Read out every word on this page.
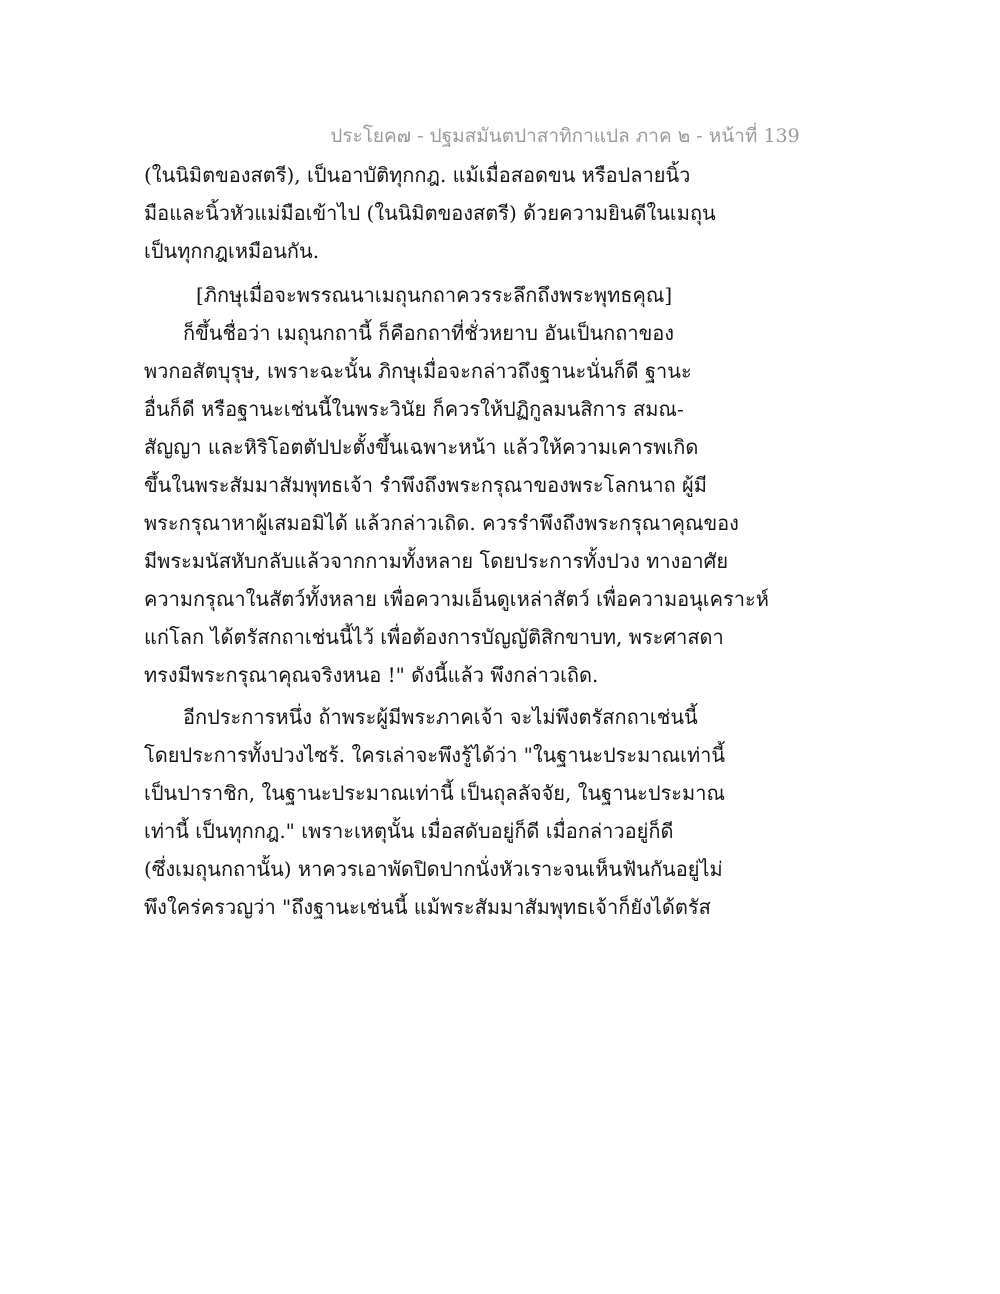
ประโยค๗ - ปฐมสมันตปาสาทิกาแปล ภาค ๒ - หน้าที่ 139
(ในนิมิตของสตรี), เป็นอาบัติทุกกฎ. แม้เมื่อสอดขน หรือปลายนิ้ว
มือและนิ้วหัวแม่มือเข้าไป (ในนิมิตของสตรี) ด้วยความยินดีในเมถุน
เป็นทุกกฎเหมือนกัน.
[ภิกษุเมื่อจะพรรณนาเมถุนกถาควรระลึกถึงพระพุทธคุณ]
ก็ขึ้นชื่อว่า เมถุนกถานี้ ก็คือกถาที่ชั่วหยาบ อันเป็นกถาของ
พวกอสัตบุรุษ, เพราะฉะนั้น ภิกษุเมื่อจะกล่าวถึงฐานะนั่นก็ดี ฐานะ
อื่นก็ดี หรือฐานะเช่นนี้ในพระวินัย ก็ควรให้ปฏิกูลมนสิการ สมณ-
สัญญา และหิริโอตตัปปะตั้งขึ้นเฉพาะหน้า แล้วให้ความเคารพเกิด
ขึ้นในพระสัมมาสัมพุทธเจ้า รำพึงถึงพระกรุณาของพระโลกนาถ ผู้มี
พระกรุณาหาผู้เสมอมิได้ แล้วกล่าวเถิด. ควรรำพึงถึงพระกรุณาคุณของ
มีพระมนัสหับกลับแล้วจากกามทั้งหลาย โดยประการทั้งปวง ทางอาศัย
ความกรุณาในสัตว์ทั้งหลาย เพื่อความเอ็นดูเหล่าสัตว์ เพื่อความอนุเคราะห์
แก่โลก ได้ตรัสกถาเช่นนี้ไว้ เพื่อต้องการบัญญัติสิกขาบท, พระศาสดา
ทรงมีพระกรุณาคุณจริงหนอ !" ดังนี้แล้ว พึงกล่าวเถิด.
อีกประการหนึ่ง ถ้าพระผู้มีพระภาคเจ้า จะไม่พึงตรัสกถาเช่นนี้
โดยประการทั้งปวงไซร้. ใครเล่าจะพึงรู้ได้ว่า "ในฐานะประมาณเท่านี้
เป็นปาราชิก, ในฐานะประมาณเท่านี้ เป็นถุลลัจจัย, ในฐานะประมาณ
เท่านี้ เป็นทุกกฎ." เพราะเหตุนั้น เมื่อสดับอยู่ก็ดี เมื่อกล่าวอยู่ก็ดี
(ซึ่งเมถุนกถานั้น) หาควรเอาพัดปิดปากนั่งหัวเราะจนเห็นฟันกันอยู่ไม่
พึงใคร่ครวญว่า "ถึงฐานะเช่นนี้ แม้พระสัมมาสัมพุทธเจ้าก็ยังได้ตรัส
